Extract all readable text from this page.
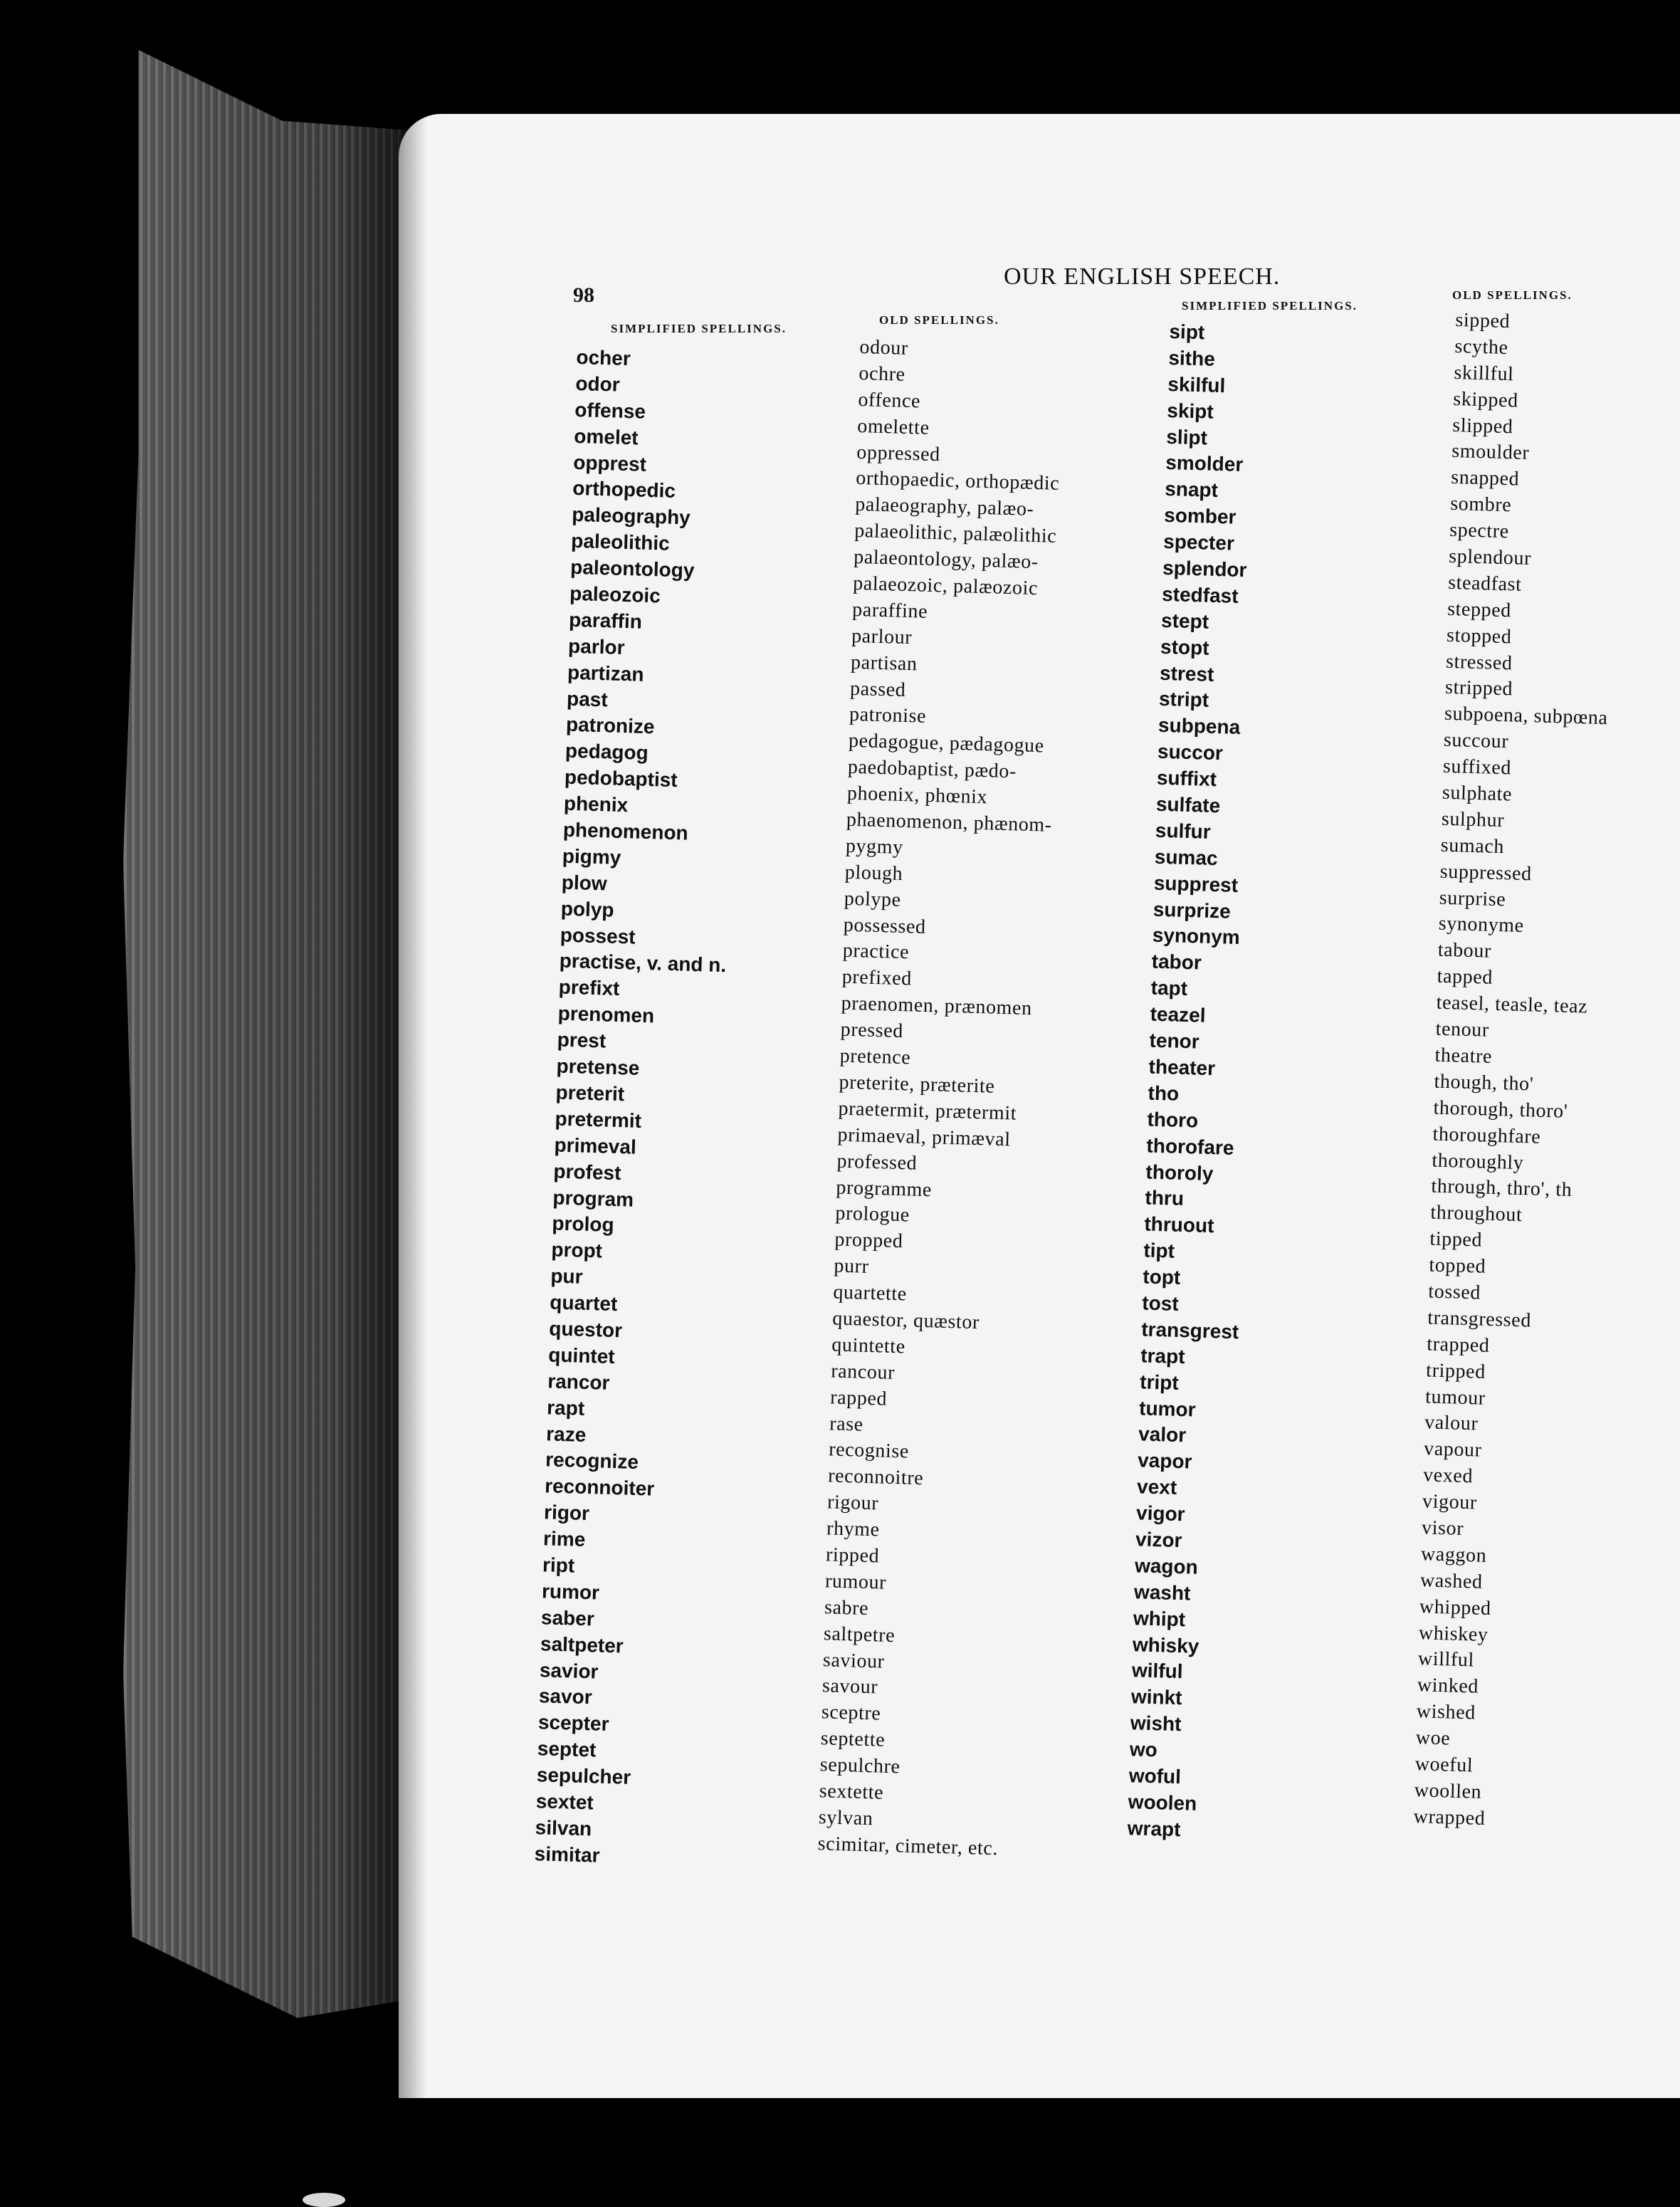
98
OUR ENGLISH SPEECH.
SIMPLIFIED SPELLINGS.
OLD SPELLINGS.
SIMPLIFIED SPELLINGS.
OLD SPELLINGS.
ocher
odor
offense
omelet
opprest
orthopedic
paleography
paleolithic
paleontology
paleozoic
paraffin
parlor
partizan
past
patronize
pedagog
pedobaptist
phenix
phenomenon
pigmy
plow
polyp
possest
practise, v. and n.
prefixt
prenomen
prest
pretense
preterit
pretermit
primeval
profest
program
prolog
propt
pur
quartet
questor
quintet
rancor
rapt
raze
recognize
reconnoiter
rigor
rime
ript
rumor
saber
saltpeter
savior
savor
scepter
septet
sepulcher
sextet
silvan
simitar
odour
ochre
offence
omelette
oppressed
orthopaedic, orthopædic
palaeography, palæo-
palaeolithic, palæolithic
palaeontology, palæo-
palaeozoic, palæozoic
paraffine
parlour
partisan
passed
patronise
pedagogue, pædagogue
paedobaptist, pædo-
phoenix, phœnix
phaenomenon, phænom-
pygmy
plough
polype
possessed
practice
prefixed
praenomen, prænomen
pressed
pretence
preterite, præterite
praetermit, prætermit
primaeval, primæval
professed
programme
prologue
propped
purr
quartette
quaestor, quæstor
quintette
rancour
rapped
rase
recognise
reconnoitre
rigour
rhyme
ripped
rumour
sabre
saltpetre
saviour
savour
sceptre
septette
sepulchre
sextette
sylvan
scimitar, cimeter, etc.
sipt
sithe
skilful
skipt
slipt
smolder
snapt
somber
specter
splendor
stedfast
stept
stopt
strest
stript
subpena
succor
suffixt
sulfate
sulfur
sumac
supprest
surprize
synonym
tabor
tapt
teazel
tenor
theater
tho
thoro
thorofare
thoroly
thru
thruout
tipt
topt
tost
transgrest
trapt
tript
tumor
valor
vapor
vext
vigor
vizor
wagon
washt
whipt
whisky
wilful
winkt
wisht
wo
woful
woolen
wrapt
sipped
scythe
skillful
skipped
slipped
smoulder
snapped
sombre
spectre
splendour
steadfast
stepped
stopped
stressed
stripped
subpoena, subpœna
succour
suffixed
sulphate
sulphur
sumach
suppressed
surprise
synonyme
tabour
tapped
teasel, teasle, teaz
tenour
theatre
though, tho'
thorough, thoro'
thoroughfare
thoroughly
through, thro', th
throughout
tipped
topped
tossed
transgressed
trapped
tripped
tumour
valour
vapour
vexed
vigour
visor
waggon
washed
whipped
whiskey
willful
winked
wished
woe
woeful
woollen
wrapped
